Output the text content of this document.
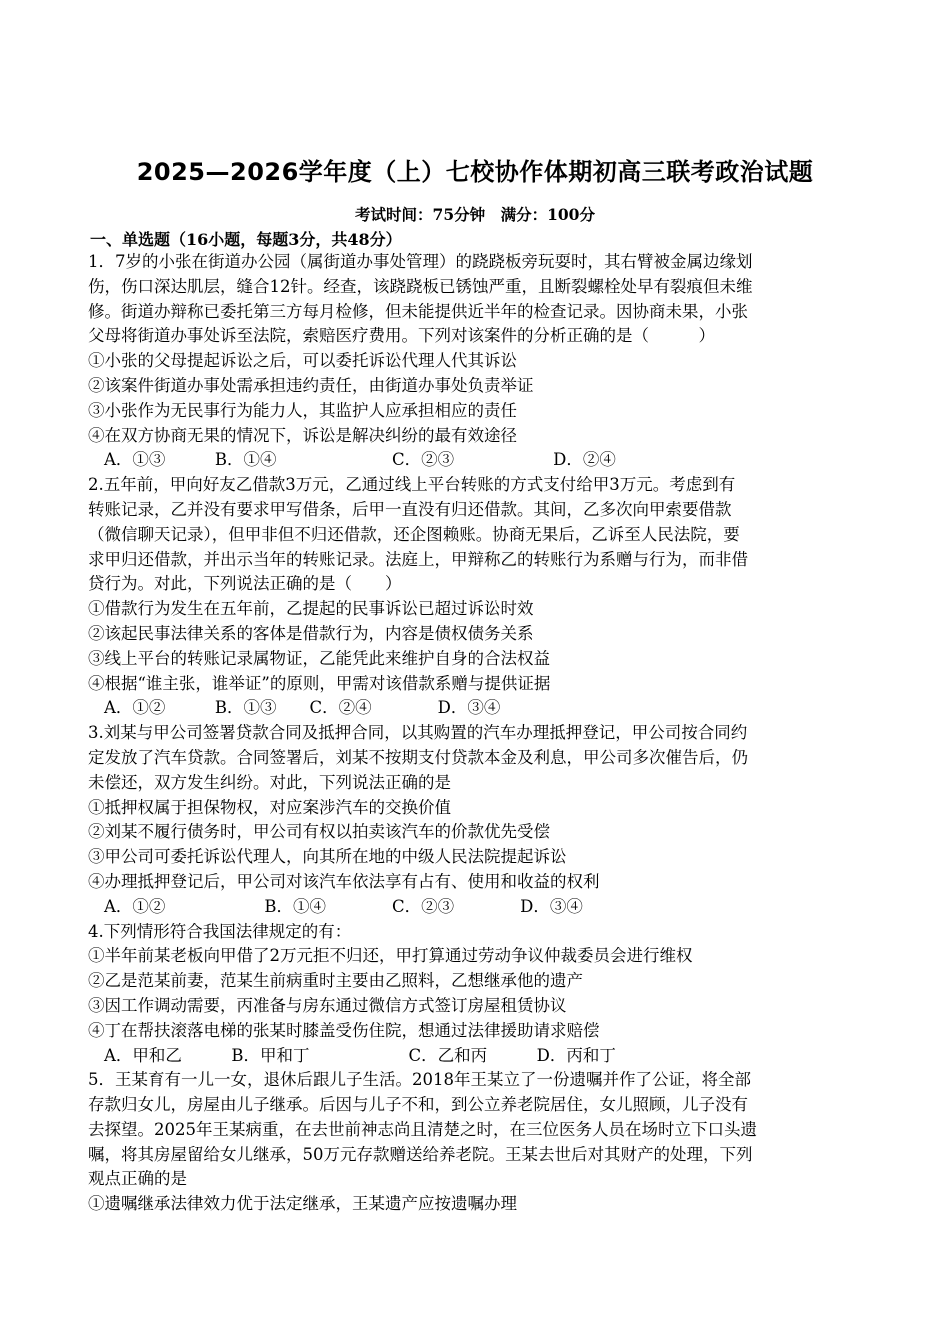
2025—2026学年度（上）七校协作体期初高三联考政治试题
考试时间：75分钟　满分：100分
一、单选题（16小题，每题3分，共48分）
1．7岁的小张在街道办公园（属街道办事处管理）的跷跷板旁玩耍时，其右臂被金属边缘划
伤，伤口深达肌层，缝合12针。经查，该跷跷板已锈蚀严重，且断裂螺栓处早有裂痕但未维
修。街道办辩称已委托第三方每月检修，但未能提供近半年的检查记录。因协商未果，小张
父母将街道办事处诉至法院，索赔医疗费用。下列对该案件的分析正确的是（　　　）
①小张的父母提起诉讼之后，可以委托诉讼代理人代其诉讼
②该案件街道办事处需承担违约责任，由街道办事处负责举证
③小张作为无民事行为能力人，其监护人应承担相应的责任
④在双方协商无果的情况下，诉讼是解决纠纷的最有效途径
A．①③　　　B．①④　　　　　　　C．②③　　　　　　D．②④
2.五年前，甲向好友乙借款3万元，乙通过线上平台转账的方式支付给甲3万元。考虑到有
转账记录，乙并没有要求甲写借条，后甲一直没有归还借款。其间，乙多次向甲索要借款
（微信聊天记录），但甲非但不归还借款，还企图赖账。协商无果后，乙诉至人民法院，要
求甲归还借款，并出示当年的转账记录。法庭上，甲辩称乙的转账行为系赠与行为，而非借
贷行为。对此，下列说法正确的是（　　）
①借款行为发生在五年前，乙提起的民事诉讼已超过诉讼时效
②该起民事法律关系的客体是借款行为，内容是债权债务关系
③线上平台的转账记录属物证，乙能凭此来维护自身的合法权益
④根据“谁主张，谁举证”的原则，甲需对该借款系赠与提供证据
A．①②　　　B．①③　　C．②④　　　　D．③④
3.刘某与甲公司签署贷款合同及抵押合同，以其购置的汽车办理抵押登记，甲公司按合同约
定发放了汽车贷款。合同签署后，刘某不按期支付贷款本金及利息，甲公司多次催告后，仍
未偿还，双方发生纠纷。对此，下列说法正确的是
①抵押权属于担保物权，对应案涉汽车的交换价值
②刘某不履行债务时，甲公司有权以拍卖该汽车的价款优先受偿
③甲公司可委托诉讼代理人，向其所在地的中级人民法院提起诉讼
④办理抵押登记后，甲公司对该汽车依法享有占有、使用和收益的权利
A．①②　　　　　　B．①④　　　　C．②③　　　　D．③④
4.下列情形符合我国法律规定的有：
①半年前某老板向甲借了2万元拒不归还，甲打算通过劳动争议仲裁委员会进行维权
②乙是范某前妻，范某生前病重时主要由乙照料，乙想继承他的遗产
③因工作调动需要，丙准备与房东通过微信方式签订房屋租赁协议
④丁在帮扶滚落电梯的张某时膝盖受伤住院，想通过法律援助请求赔偿
A．甲和乙　　　B．甲和丁　　　　　　C．乙和丙　　　D．丙和丁
5．王某育有一儿一女，退休后跟儿子生活。2018年王某立了一份遗嘱并作了公证，将全部
存款归女儿，房屋由儿子继承。后因与儿子不和，到公立养老院居住，女儿照顾，儿子没有
去探望。2025年王某病重，在去世前神志尚且清楚之时，在三位医务人员在场时立下口头遗
嘱，将其房屋留给女儿继承，50万元存款赠送给养老院。王某去世后对其财产的处理，下列
观点正确的是
①遗嘱继承法律效力优于法定继承，王某遗产应按遗嘱办理
